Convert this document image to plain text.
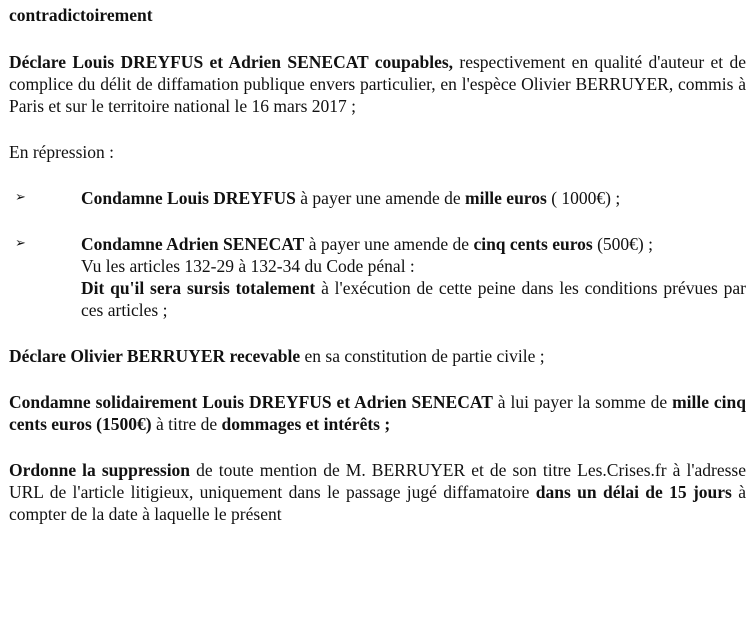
contradictoirement

Déclare Louis DREYFUS et Adrien SENECAT coupables, respectivement en qualité d'auteur et de complice du délit de diffamation publique envers particulier, en l'espèce Olivier BERRUYER, commis à Paris et sur le territoire national le 16 mars 2017 ;

En répression :

➢	Condamne Louis DREYFUS à payer une amende de mille euros ( 1000€) ;

➢	Condamne Adrien SENECAT à payer une amende de cinq cents euros (500€) ;

Vu les articles 132-29 à 132-34 du Code pénal :

Dit qu'il sera sursis totalement à l'exécution de cette peine dans les conditions prévues par ces articles ;

Déclare Olivier BERRUYER recevable en sa constitution de partie civile ;

Condamne solidairement Louis DREYFUS et Adrien SENECAT à lui payer la somme de mille cinq cents euros (1500€) à titre de dommages et intérêts ;

Ordonne la suppression de toute mention de M. BERRUYER et de son titre Les.Crises.fr à l'adresse URL de l'article litigieux, uniquement dans le passage jugé diffamatoire dans un délai de 15 jours à compter de la date à laquelle le présent
